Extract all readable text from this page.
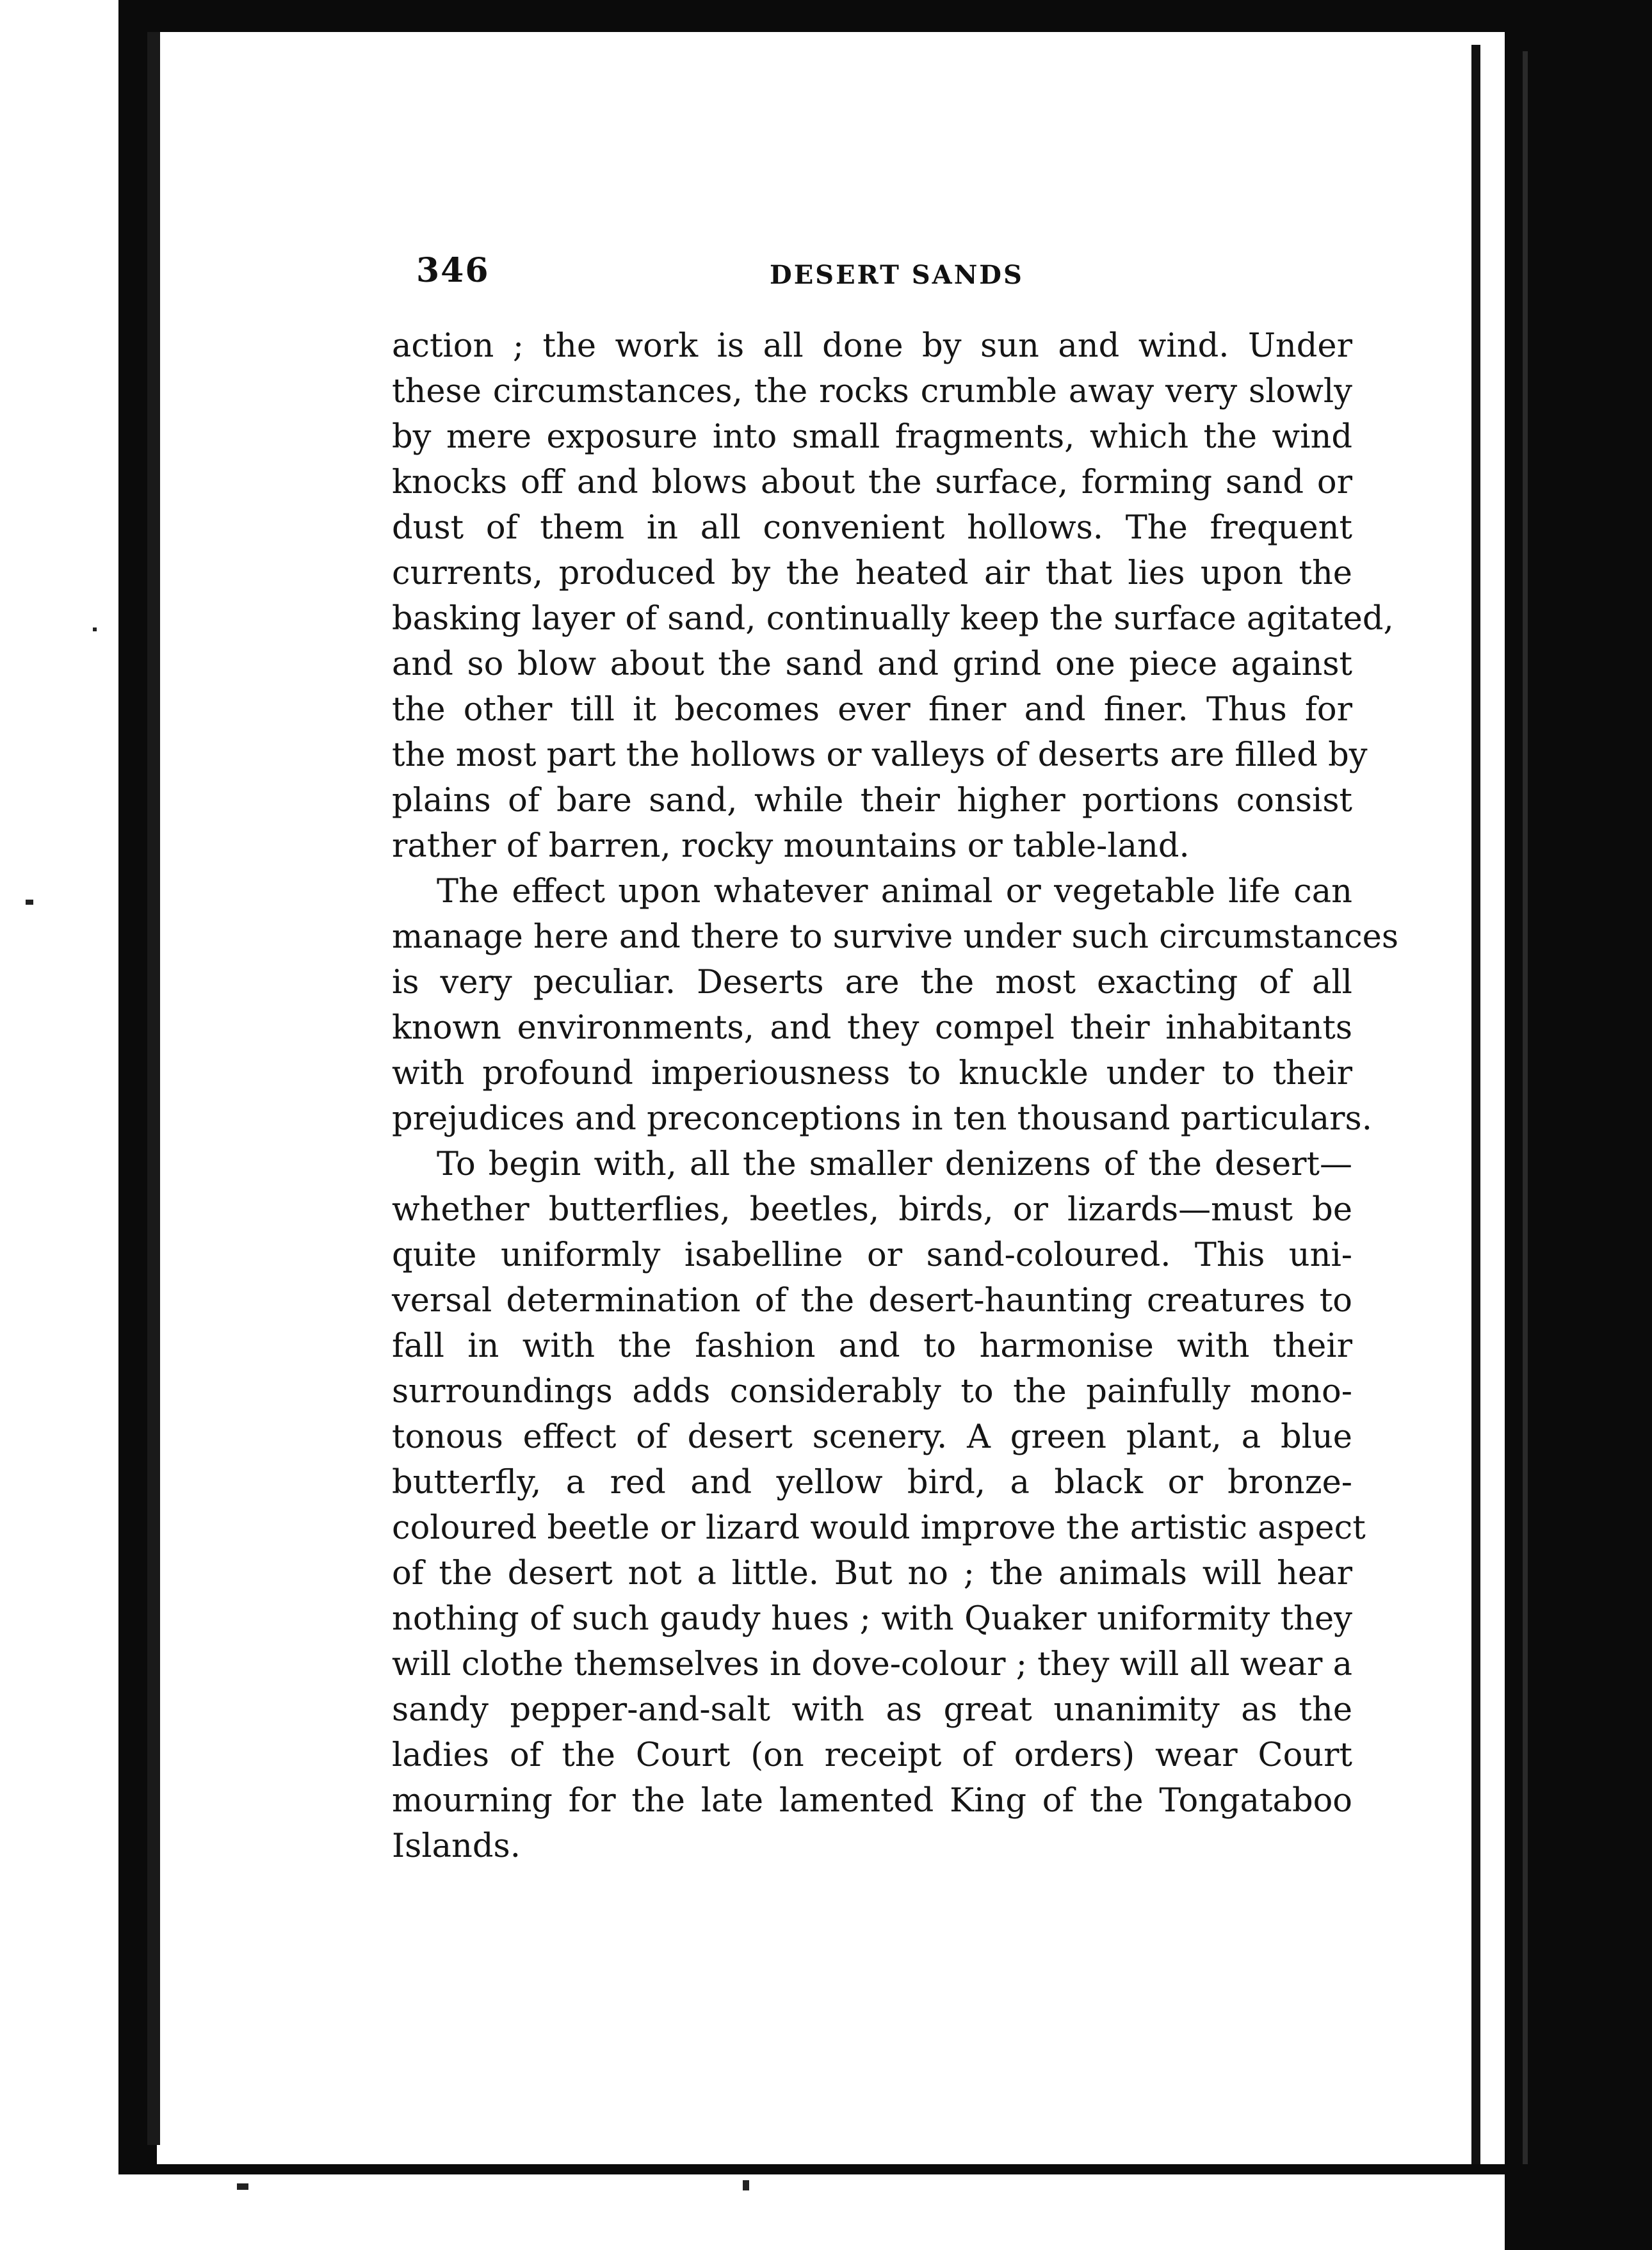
346	DESERT SANDS
action ; the work is all done by sun and wind. Under
these circumstances, the rocks crumble away very slowly
by mere exposure into small fragments, which the wind
knocks off and blows about the surface, forming sand or
dust of them in all convenient hollows. The frequent
currents, produced by the heated air that lies upon the
basking layer of sand, continually keep the surface agitated,
and so blow about the sand and grind one piece against
the other till it becomes ever finer and finer. Thus for
the most part the hollows or valleys of deserts are filled by
plains of bare sand, while their higher portions consist
rather of barren, rocky mountains or table-land.
The effect upon whatever animal or vegetable life can
manage here and there to survive under such circumstances
is very peculiar. Deserts are the most exacting of all
known environments, and they compel their inhabitants
with profound imperiousness to knuckle under to their
prejudices and preconceptions in ten thousand particulars.
To begin with, all the smaller denizens of the desert—
whether butterflies, beetles, birds, or lizards—must be
quite uniformly isabelline or sand-coloured. This uni-
versal determination of the desert-haunting creatures to
fall in with the fashion and to harmonise with their
surroundings adds considerably to the painfully mono-
tonous effect of desert scenery. A green plant, a blue
butterfly, a red and yellow bird, a black or bronze-
coloured beetle or lizard would improve the artistic aspect
of the desert not a little. But no ; the animals will hear
nothing of such gaudy hues ; with Quaker uniformity they
will clothe themselves in dove-colour ; they will all wear a
sandy pepper-and-salt with as great unanimity as the
ladies of the Court (on receipt of orders) wear Court
mourning for the late lamented King of the Tongataboo
Islands.
